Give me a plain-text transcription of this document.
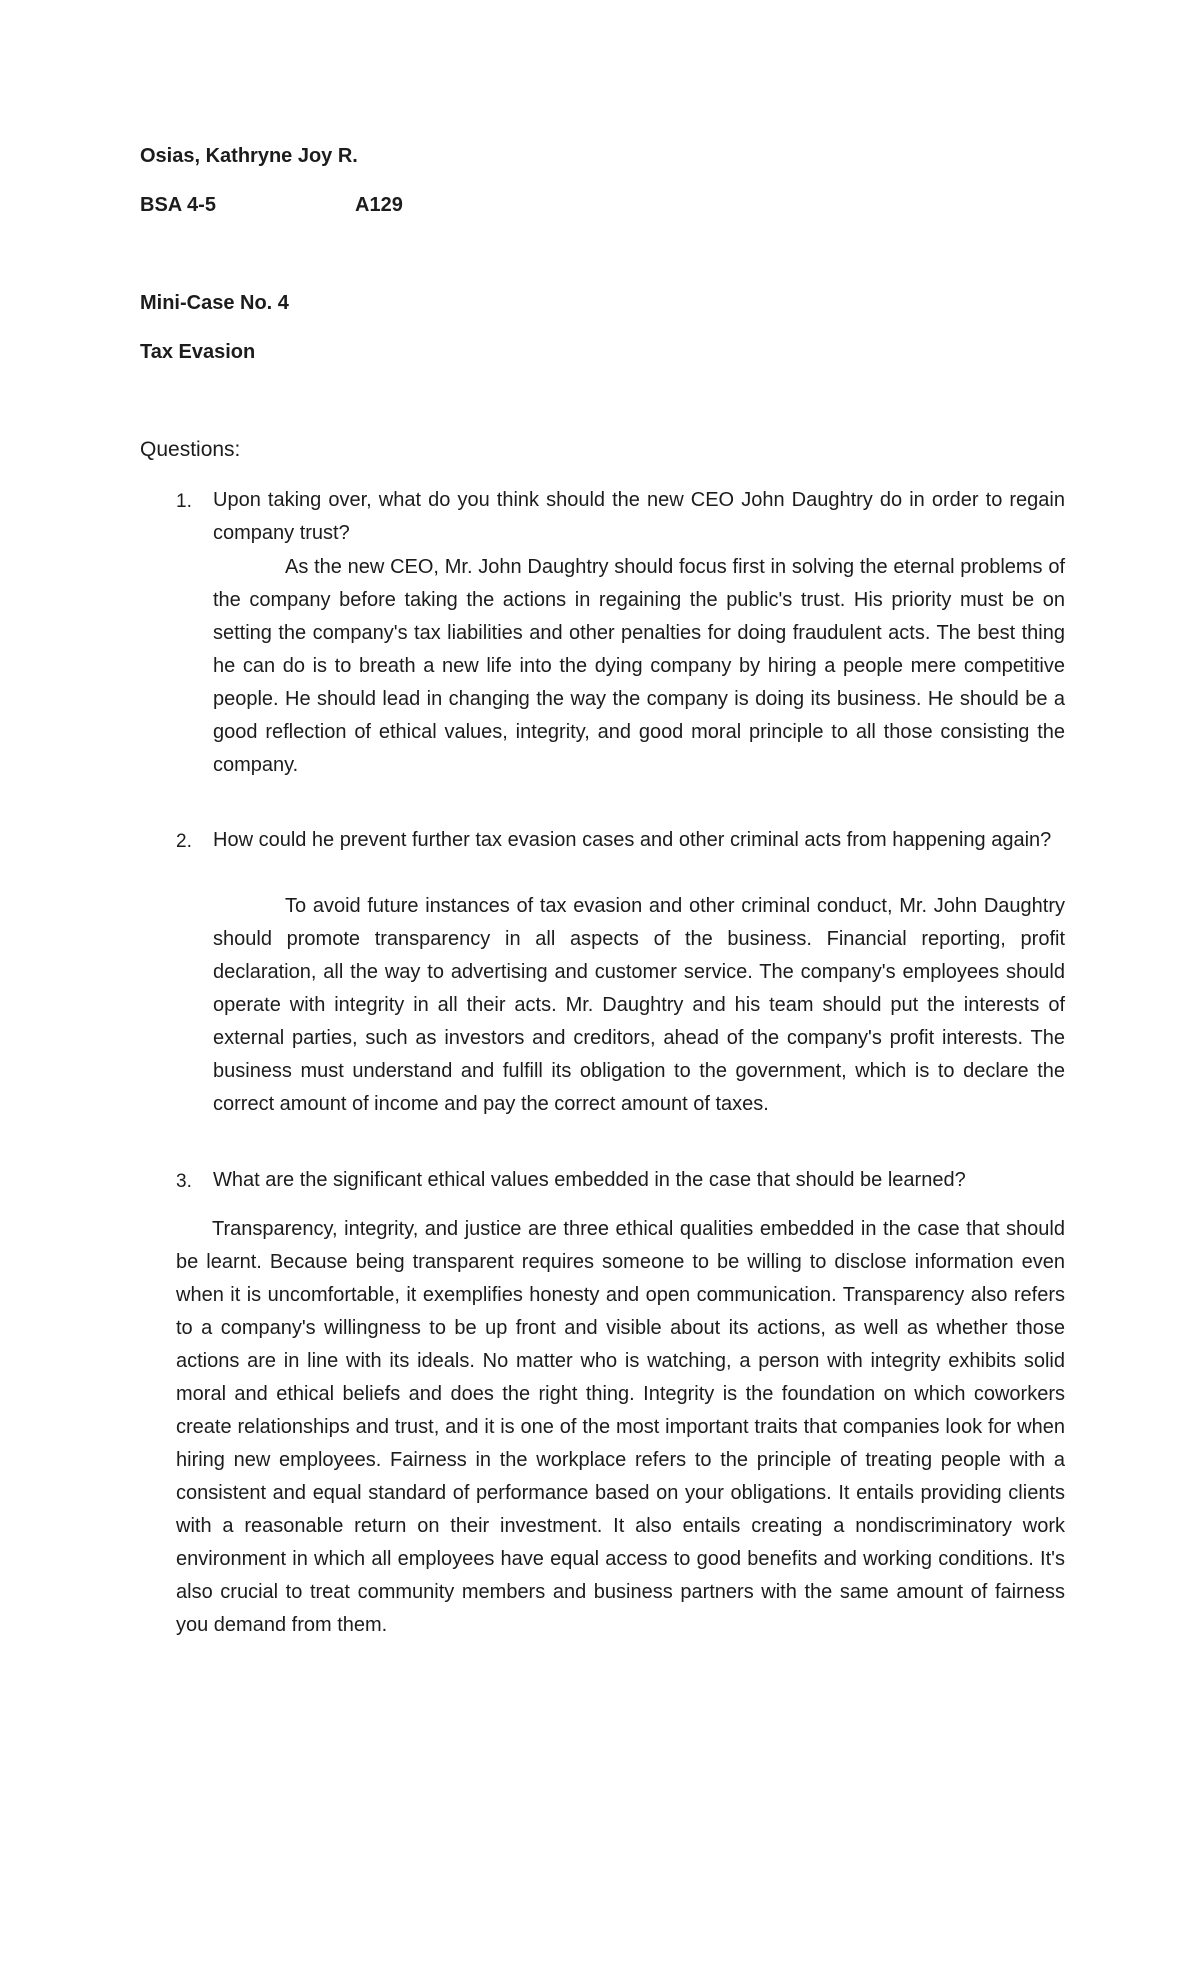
Osias, Kathryne Joy R.
BSA 4-5	A129
Mini-Case No. 4
Tax Evasion
Questions:
1. Upon taking over, what do you think should the new CEO John Daughtry do in order to regain company trust?
As the new CEO, Mr. John Daughtry should focus first in solving the eternal problems of the company before taking the actions in regaining the public's trust. His priority must be on setting the company's tax liabilities and other penalties for doing fraudulent acts. The best thing he can do is to breath a new life into the dying company by hiring a people mere competitive people. He should lead in changing the way the company is doing its business. He should be a good reflection of ethical values, integrity, and good moral principle to all those consisting the company.
2. How could he prevent further tax evasion cases and other criminal acts from happening again?
To avoid future instances of tax evasion and other criminal conduct, Mr. John Daughtry should promote transparency in all aspects of the business. Financial reporting, profit declaration, all the way to advertising and customer service. The company's employees should operate with integrity in all their acts. Mr. Daughtry and his team should put the interests of external parties, such as investors and creditors, ahead of the company's profit interests. The business must understand and fulfill its obligation to the government, which is to declare the correct amount of income and pay the correct amount of taxes.
3. What are the significant ethical values embedded in the case that should be learned?
Transparency, integrity, and justice are three ethical qualities embedded in the case that should be learnt. Because being transparent requires someone to be willing to disclose information even when it is uncomfortable, it exemplifies honesty and open communication. Transparency also refers to a company's willingness to be up front and visible about its actions, as well as whether those actions are in line with its ideals. No matter who is watching, a person with integrity exhibits solid moral and ethical beliefs and does the right thing. Integrity is the foundation on which coworkers create relationships and trust, and it is one of the most important traits that companies look for when hiring new employees. Fairness in the workplace refers to the principle of treating people with a consistent and equal standard of performance based on your obligations. It entails providing clients with a reasonable return on their investment. It also entails creating a nondiscriminatory work environment in which all employees have equal access to good benefits and working conditions. It's also crucial to treat community members and business partners with the same amount of fairness you demand from them.
